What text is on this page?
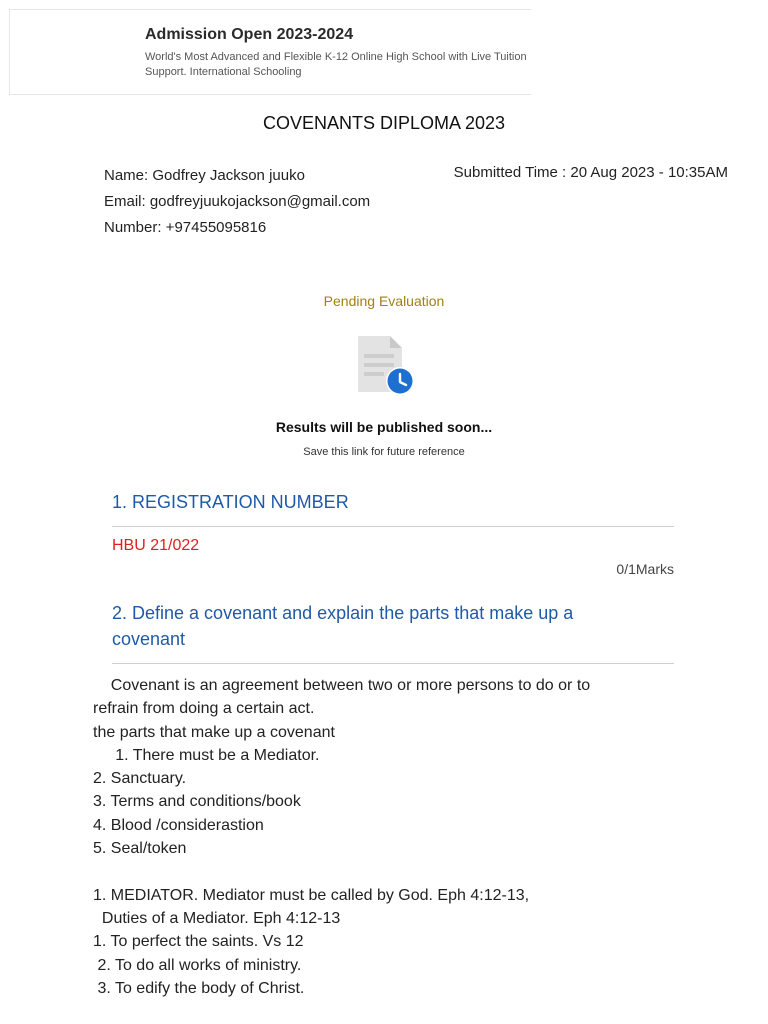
Admission Open 2023-2024
World's Most Advanced and Flexible K-12 Online High School with Live Tuition Support. International Schooling
COVENANTS DIPLOMA 2023
Name: Godfrey Jackson juuko
Email: godfreyjuukojackson@gmail.com
Number: +97455095816
Submitted Time : 20 Aug 2023 - 10:35AM
Pending Evaluation
Results will be published soon...
Save this link for future reference
1. REGISTRATION NUMBER
HBU 21/022
0/1Marks
2. Define a covenant and explain the parts that make up a covenant
Covenant is an agreement between two or more persons to do or to
refrain from doing a certain act.
the parts that make up a covenant
1. There must be a Mediator.
2. Sanctuary.
3. Terms and conditions/book
4. Blood /considerastion
5. Seal/token

1. MEDIATOR. Mediator must be called by God. Eph 4:12-13,
Duties of a Mediator. Eph 4:12-13
1. To perfect the saints. Vs 12
2. To do all works of ministry.
3. To edify the body of Christ.
